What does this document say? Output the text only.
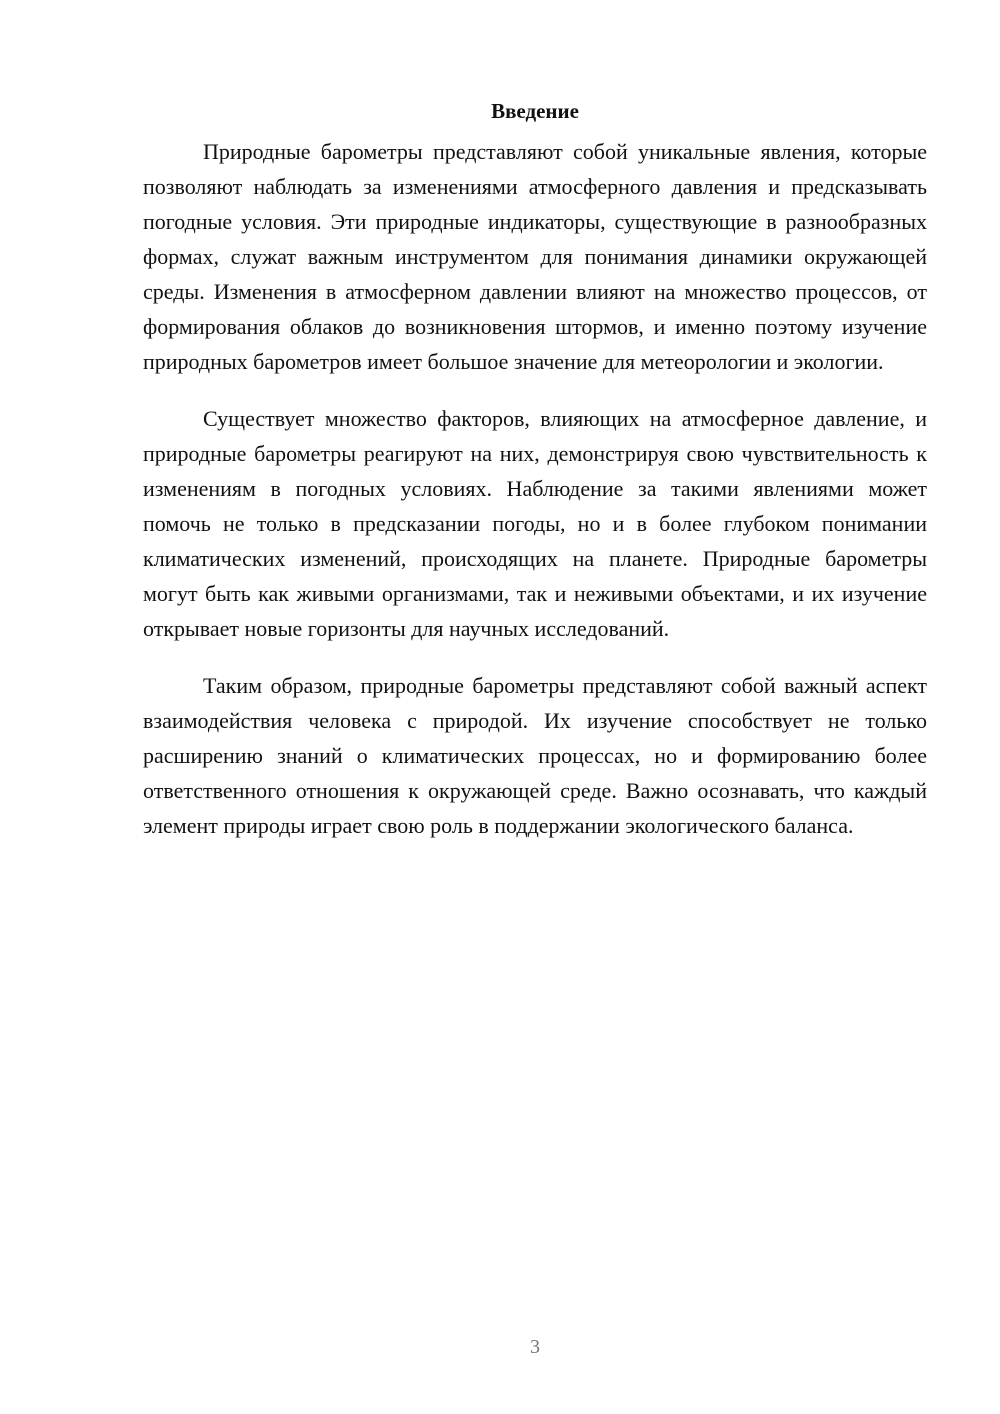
Введение

Природные барометры представляют собой уникальные явления, которые позволяют наблюдать за изменениями атмосферного давления и предсказывать погодные условия. Эти природные индикаторы, существующие в разнообразных формах, служат важным инструментом для понимания динамики окружающей среды. Изменения в атмосферном давлении влияют на множество процессов, от формирования облаков до возникновения штормов, и именно поэтому изучение природных барометров имеет большое значение для метеорологии и экологии.

Существует множество факторов, влияющих на атмосферное давление, и природные барометры реагируют на них, демонстрируя свою чувствительность к изменениям в погодных условиях. Наблюдение за такими явлениями может помочь не только в предсказании погоды, но и в более глубоком понимании климатических изменений, происходящих на планете. Природные барометры могут быть как живыми организмами, так и неживыми объектами, и их изучение открывает новые горизонты для научных исследований.

Таким образом, природные барометры представляют собой важный аспект взаимодействия человека с природой. Их изучение способствует не только расширению знаний о климатических процессах, но и формированию более ответственного отношения к окружающей среде. Важно осознавать, что каждый элемент природы играет свою роль в поддержании экологического баланса.

3
